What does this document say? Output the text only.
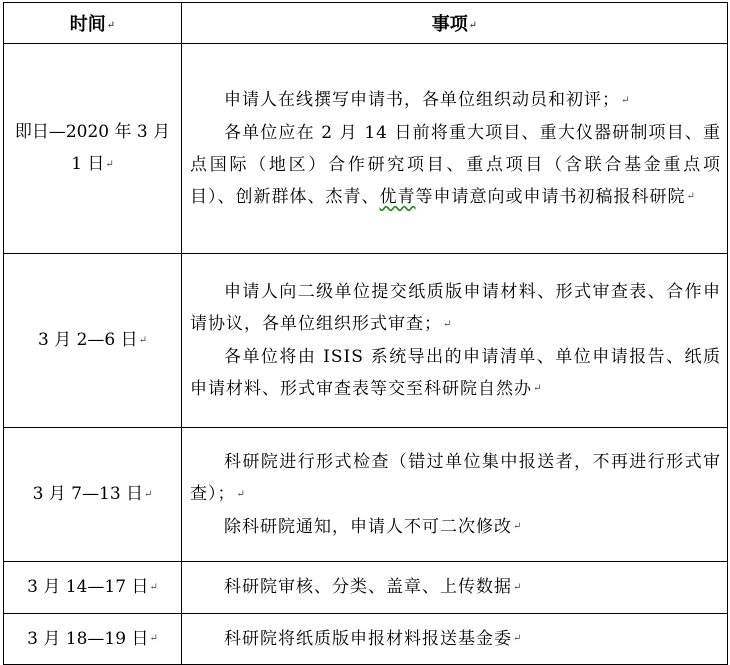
时间↵	事项↵
即日—2020 年 3 月 1 日↵	申请人在线撰写申请书，各单位组织动员和初评；↵

各单位应在 2 月 14 日前将重大项目、重大仪器研制项目、重点国际（地区）合作研究项目、重点项目（含联合基金重点项目）、创新群体、杰青、优青等申请意向或申请书初稿报科研院↵

3 月 2—6 日↵	申请人向二级单位提交纸质版申请材料、形式审查表、合作申请协议，各单位组织形式审查；↵

各单位将由 ISIS 系统导出的申请清单、单位申请报告、纸质申请材料、形式审查表等交至科研院自然办↵

3 月 7—13 日↵	科研院进行形式检查（错过单位集中报送者，不再进行形式审查）；↵

除科研院通知，申请人不可二次修改↵

3 月 14—17 日↵	科研院审核、分类、盖章、上传数据↵

3 月 18—19 日↵	科研院将纸质版申报材料报送基金委↵
